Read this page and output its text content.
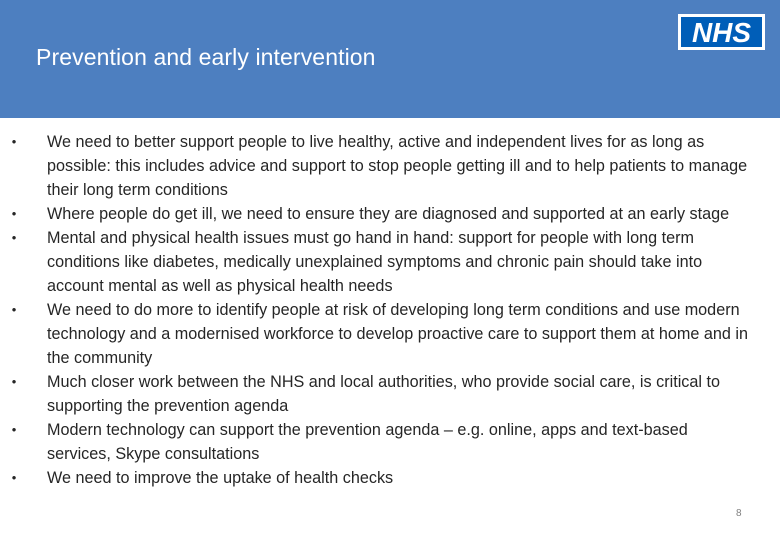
Prevention and early intervention
NHS
• We need to better support people to live healthy, active and independent lives for as long as possible: this includes advice and support to stop people getting ill and to help patients to manage their long term conditions
• Where people do get ill, we need to ensure they are diagnosed and supported at an early stage
• Mental and physical health issues must go hand in hand: support for people with long term conditions like diabetes, medically unexplained symptoms and chronic pain should take into account mental as well as physical health needs
• We need to do more to identify people at risk of developing long term conditions and use modern technology and a modernised workforce to develop proactive care to support them at home and in the community
• Much closer work between the NHS and local authorities, who provide social care, is critical to supporting the prevention agenda
• Modern technology can support the prevention agenda – e.g. online, apps and text-based services, Skype consultations
• We need to improve the uptake of health checks
8
